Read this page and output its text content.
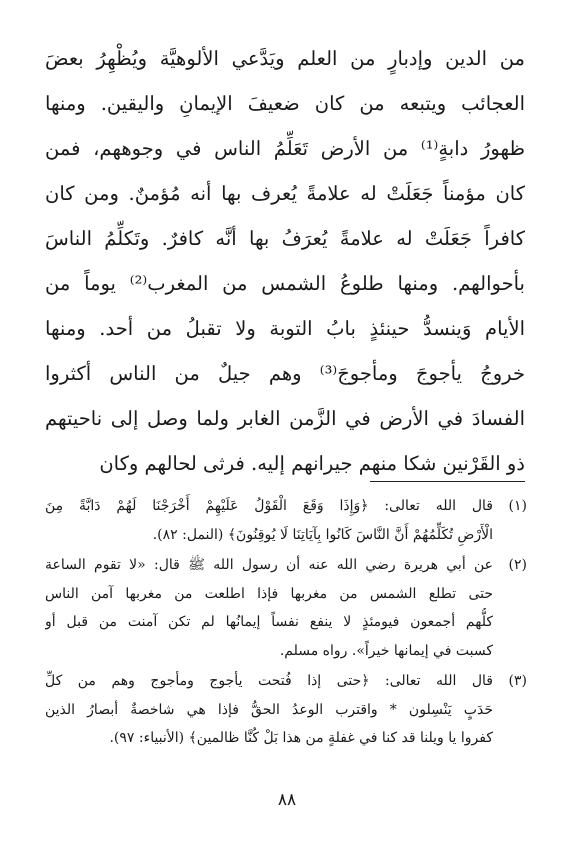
من الدين وإدبارٍ من العلم ويَدَّعي الألوهيَّة ويُظْهِرُ بعضَ
العجائب ويتبعه من كان ضعيفَ الإيمانِ واليقين. ومنها
ظهورُ دابةٍ⁽¹⁾ من الأرض تَعَلِّمُ الناس في وجوههم، فمن
كان مؤمناً جَعَلَتْ له علامةً يُعرف بها أنه مُؤمنٌ. ومن كان
كافراً جَعَلَتْ له علامةً يُعرَفُ بها أنَّه كافرٌ. وتَكلِّمُ الناسَ
بأحوالهم. ومنها طلوعُ الشمس من المغرب⁽²⁾ يوماً من
الأيام وَينسدُّ حينئذٍ بابُ التوبة ولا تقبلُ من أحد. ومنها
خروجُ يأجوجَ ومأجوجَ⁽³⁾ وهم جيلٌ من الناس أكثروا
الفسادَ في الأرض في الزَّمن الغابر ولما وصل إلى ناحيتهم
ذو القَرْنين شكا منهم جيرانهم إليه. فرثى لحالهم وكان
(١)
قال الله تعالى: ﴿وَإِذَا وَقَعَ الْقَوْلُ عَلَيْهِمْ أَخْرَجْنَا لَهُمْ دَابَّةً مِنَ
الْأَرْضِ تُكَلِّمُهُمْ أَنَّ النَّاسَ كَانُوا بِآيَاتِنَا لَا يُوقِنُونَ﴾ (النمل: ٨٢).
(٢)
عن أبي هريرة رضي الله عنه أن رسول الله ﷺ قال: «لا تقوم الساعة
حتى تطلع الشمس من مغربها فإذا اطلعت من مغربها آمن الناس
كلُّهم أجمعون فيومئذٍ لا ينفع نفساً إيمانُها لم تكن آمنت من قبل أو
كسبت في إيمانها خيراً». رواه مسلم.
(٣)
قال الله تعالى: ﴿حتى إذا فُتحت يأجوج ومأجوج وهم من كلِّ
حَدَبٍ يَنْسِلون * واقترب الوعدُ الحقُّ فإذا هي شاخصةٌ أبصارُ الذين
كفروا يا ويلنا قد كنا في غفلةٍ من هذا بَلْ كُنَّا ظالمين﴾ (الأنبياء: ٩٧).
٨٨
